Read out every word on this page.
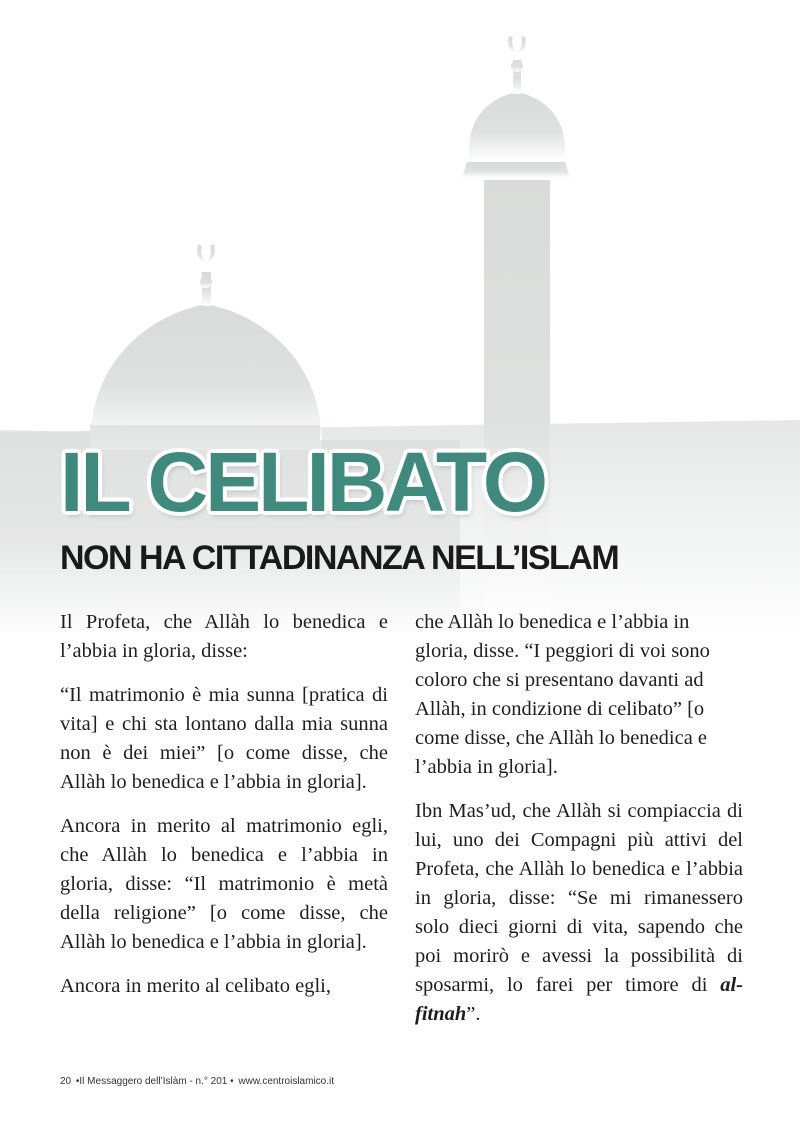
IL CELIBATO
NON HA CITTADINANZA NELL’ISLAM

Il Profeta, che Allàh lo benedica e l’abbia in gloria, disse:

“Il matrimonio è mia sunna [pratica di vita] e chi sta lontano dalla mia sunna non è dei miei” [o come disse, che Allàh lo benedica e l’abbia in gloria].

Ancora in merito al matrimonio egli, che Allàh lo benedica e l’abbia in gloria, disse: “Il matrimonio è metà della religione” [o come disse, che Allàh lo benedica e l’abbia in gloria].

Ancora in merito al celibato egli,

che Allàh lo benedica e l’abbia in gloria, disse. “I peggiori di voi sono coloro che si presentano davanti ad Allàh, in condizione di celibato” [o come disse, che Allàh lo benedica e l’abbia in gloria].

Ibn Mas’ud, che Allàh si compiaccia di lui, uno dei Compagni più attivi del Profeta, che Allàh lo benedica e l’abbia in gloria, disse: “Se mi rimanessero solo dieci giorni di vita, sapendo che poi morirò e avessi la possibilità di sposarmi, lo farei per timore di al-fitnah”.

20 •Il Messaggero dell’Islàm - n.° 201 • www.centroislamico.it
